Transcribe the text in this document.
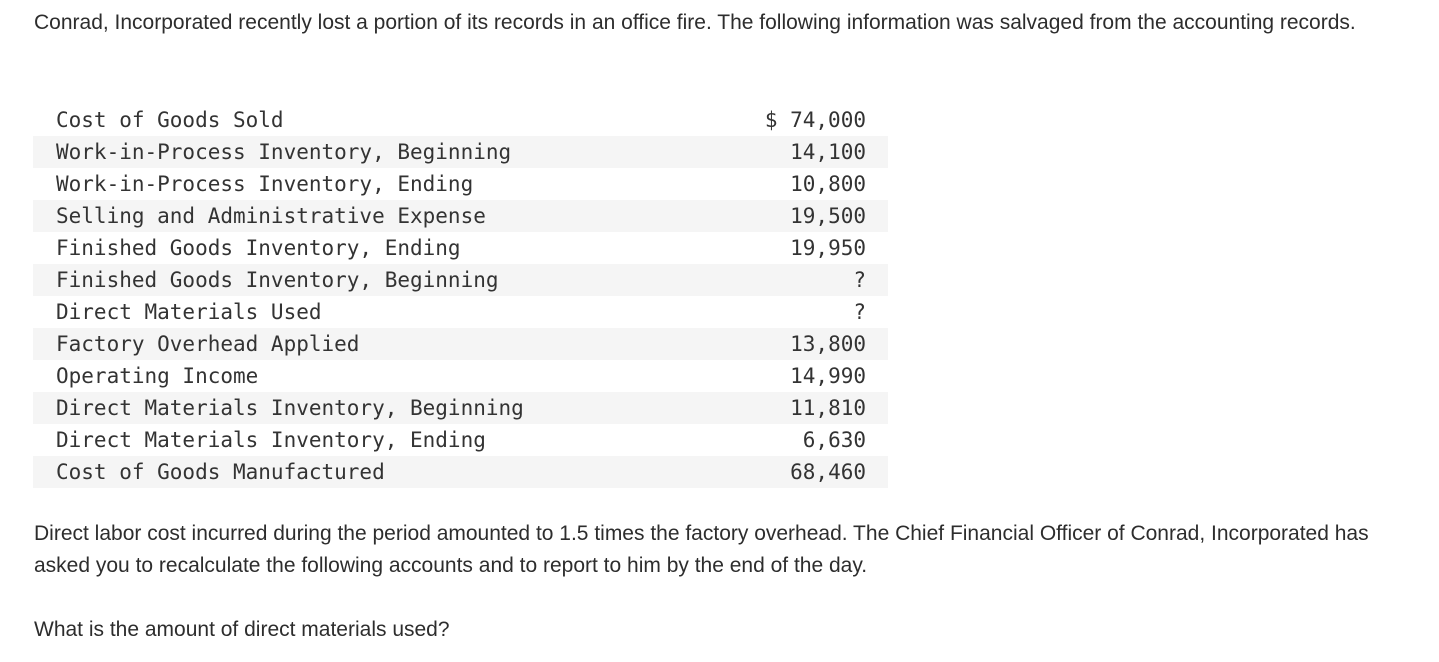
Conrad, Incorporated recently lost a portion of its records in an office fire. The following information was salvaged from the accounting records.

Cost of Goods Sold	$ 74,000
Work-in-Process Inventory, Beginning	14,100
Work-in-Process Inventory, Ending	10,800
Selling and Administrative Expense	19,500
Finished Goods Inventory, Ending	19,950
Finished Goods Inventory, Beginning	?
Direct Materials Used	?
Factory Overhead Applied	13,800
Operating Income	14,990
Direct Materials Inventory, Beginning	11,810
Direct Materials Inventory, Ending	6,630
Cost of Goods Manufactured	68,460

Direct labor cost incurred during the period amounted to 1.5 times the factory overhead. The Chief Financial Officer of Conrad, Incorporated has asked you to recalculate the following accounts and to report to him by the end of the day.

What is the amount of direct materials used?
